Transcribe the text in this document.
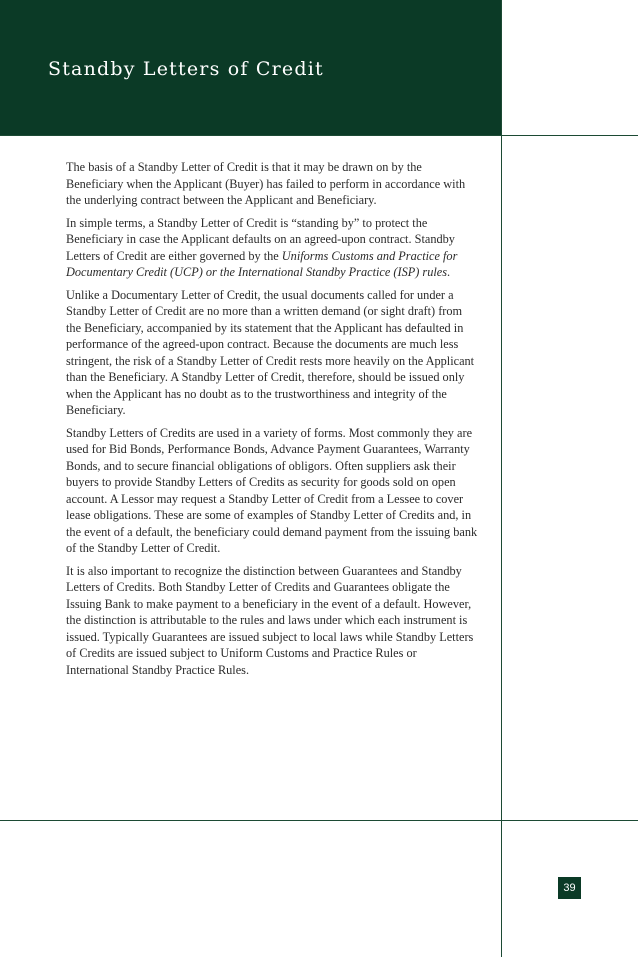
Standby Letters of Credit

The basis of a Standby Letter of Credit is that it may be drawn on by the Beneficiary when the Applicant (Buyer) has failed to perform in accordance with the underlying contract between the Applicant and Beneficiary.

In simple terms, a Standby Letter of Credit is “standing by” to protect the Beneficiary in case the Applicant defaults on an agreed-upon contract. Standby Letters of Credit are either governed by the Uniforms Customs and Practice for Documentary Credit (UCP) or the International Standby Practice (ISP) rules.

Unlike a Documentary Letter of Credit, the usual documents called for under a Standby Letter of Credit are no more than a written demand (or sight draft) from the Beneficiary, accompanied by its statement that the Applicant has defaulted in performance of the agreed-upon contract. Because the documents are much less stringent, the risk of a Standby Letter of Credit rests more heavily on the Applicant than the Beneficiary. A Standby Letter of Credit, therefore, should be issued only when the Applicant has no doubt as to the trustworthiness and integrity of the Beneficiary.

Standby Letters of Credits are used in a variety of forms. Most commonly they are used for Bid Bonds, Performance Bonds, Advance Payment Guarantees, Warranty Bonds, and to secure financial obligations of obligors. Often suppliers ask their buyers to provide Standby Letters of Credits as security for goods sold on open account. A Lessor may request a Standby Letter of Credit from a Lessee to cover lease obligations. These are some of examples of Standby Letter of Credits and, in the event of a default, the beneficiary could demand payment from the issuing bank of the Standby Letter of Credit.

It is also important to recognize the distinction between Guarantees and Standby Letters of Credits. Both Standby Letter of Credits and Guarantees obligate the Issuing Bank to make payment to a beneficiary in the event of a default. However, the distinction is attributable to the rules and laws under which each instrument is issued. Typically Guarantees are issued subject to local laws while Standby Letters of Credits are issued subject to Uniform Customs and Practice Rules or International Standby Practice Rules.

39
